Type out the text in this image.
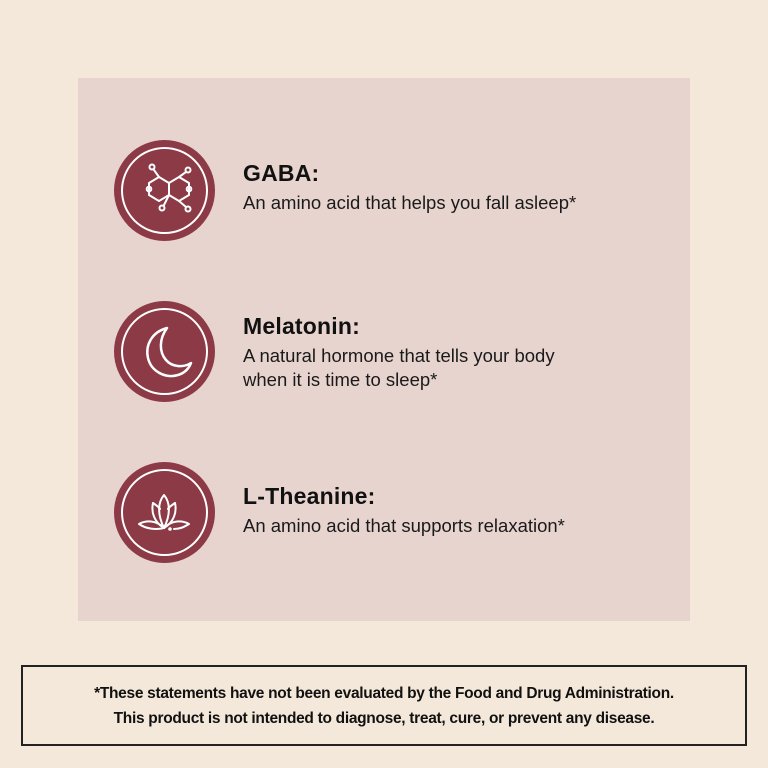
GABA:
An amino acid that helps you fall asleep*
Melatonin:
A natural hormone that tells your body
when it is time to sleep*
L-Theanine:
An amino acid that supports relaxation*
*These statements have not been evaluated by the Food and Drug Administration.
This product is not intended to diagnose, treat, cure, or prevent any disease.
